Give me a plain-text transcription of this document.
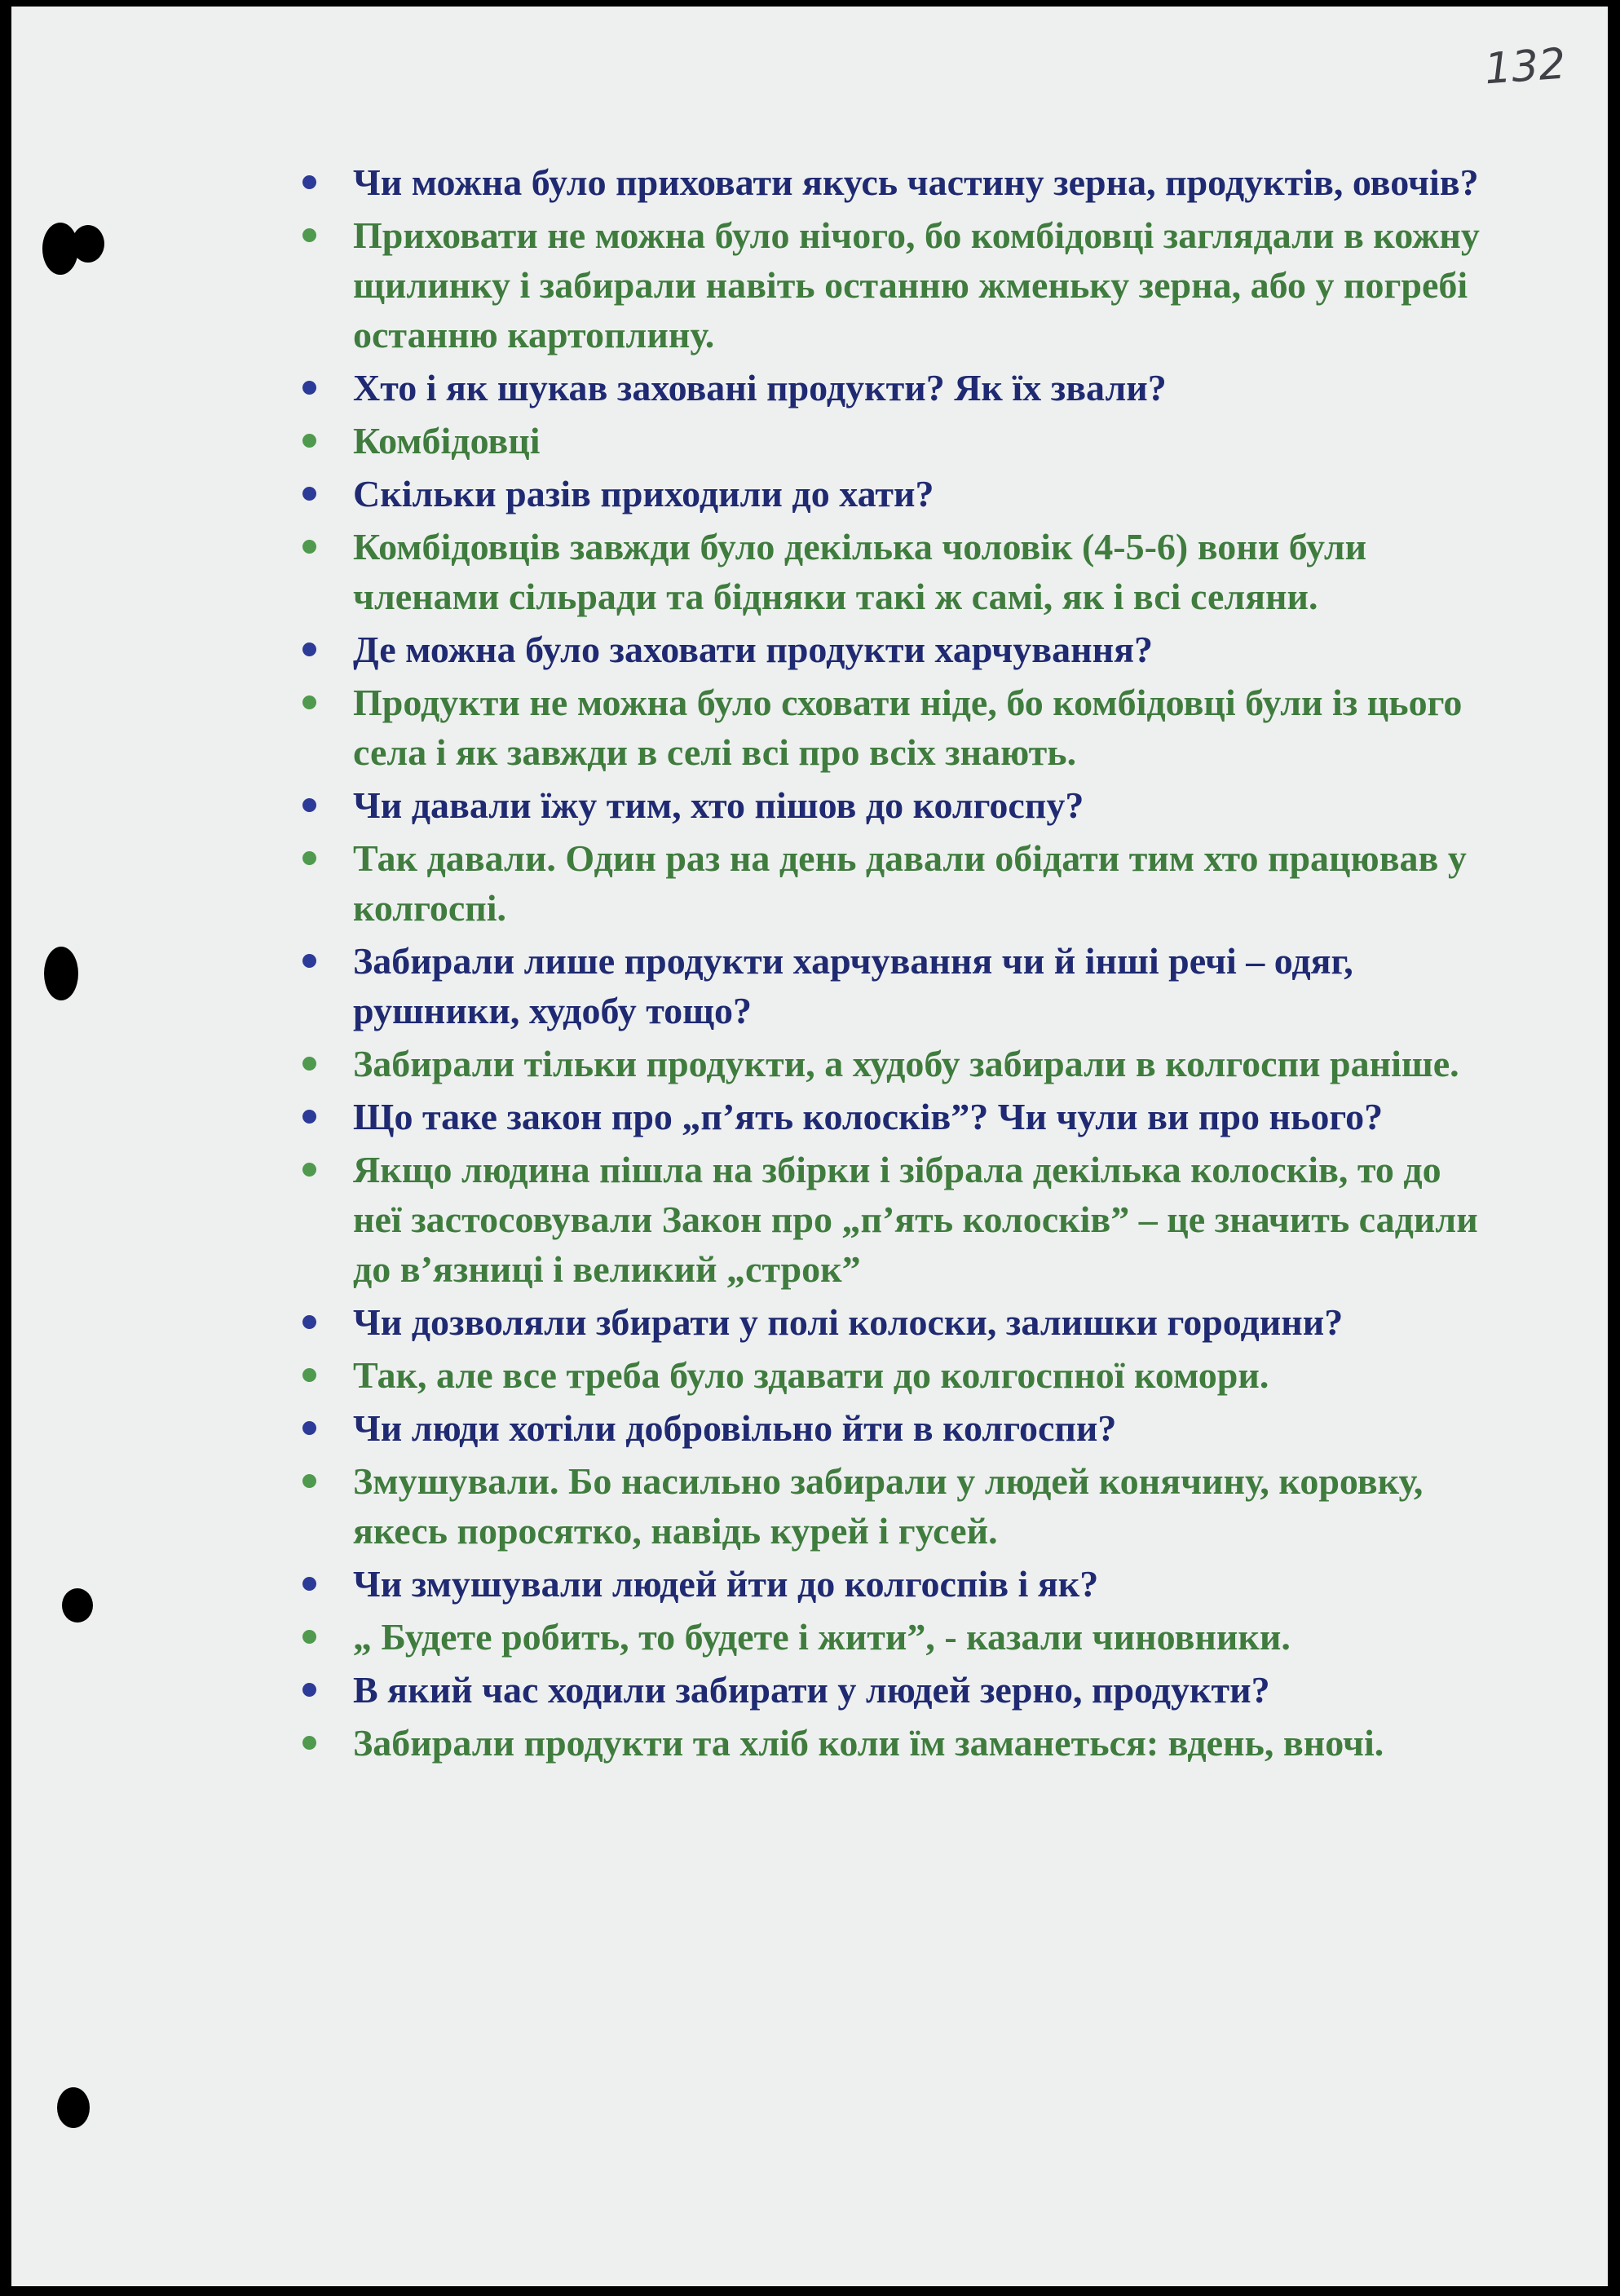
132
Чи можна було приховати якусь частину зерна, продуктів, овочів?
Приховати не можна було нічого, бо комбідовці заглядали в кожну щилинку і забирали навіть останню жменьку зерна, або у погребі останню картоплину.
Хто і як шукав заховані продукти? Як їх звали?
Комбідовці
Скільки разів приходили до хати?
Комбідовців завжди було декілька чоловік (4-5-6) вони були членами сільради та бідняки такі ж самі, як і всі селяни.
Де можна було заховати продукти харчування?
Продукти не можна було сховати ніде, бо комбідовці були із цього села і як завжди в селі всі про всіх знають.
Чи давали їжу тим, хто пішов до колгоспу?
Так давали. Один раз на день давали обідати тим хто працював у колгоспі.
Забирали лише продукти харчування чи й інші речі – одяг, рушники, худобу тощо?
Забирали тільки продукти, а худобу забирали в колгоспи раніше.
Що таке закон про „п’ять колосків”? Чи чули ви про нього?
Якщо людина пішла на збірки і зібрала декілька колосків, то до неї застосовували Закон про „п’ять колосків” – це значить садили до в’язниці і великий „строк”
Чи дозволяли збирати у полі колоски, залишки городини?
Так, але все треба було здавати до колгоспної комори.
Чи люди хотіли добровільно йти в колгоспи?
Змушували. Бо насильно забирали у людей конячину, коровку, якесь поросятко, навідь курей і гусей.
Чи змушували людей йти до колгоспів і як?
„ Будете робить, то будете і жити”, - казали чиновники.
В який час ходили забирати у людей зерно, продукти?
Забирали продукти та хліб коли їм заманеться: вдень, вночі.
